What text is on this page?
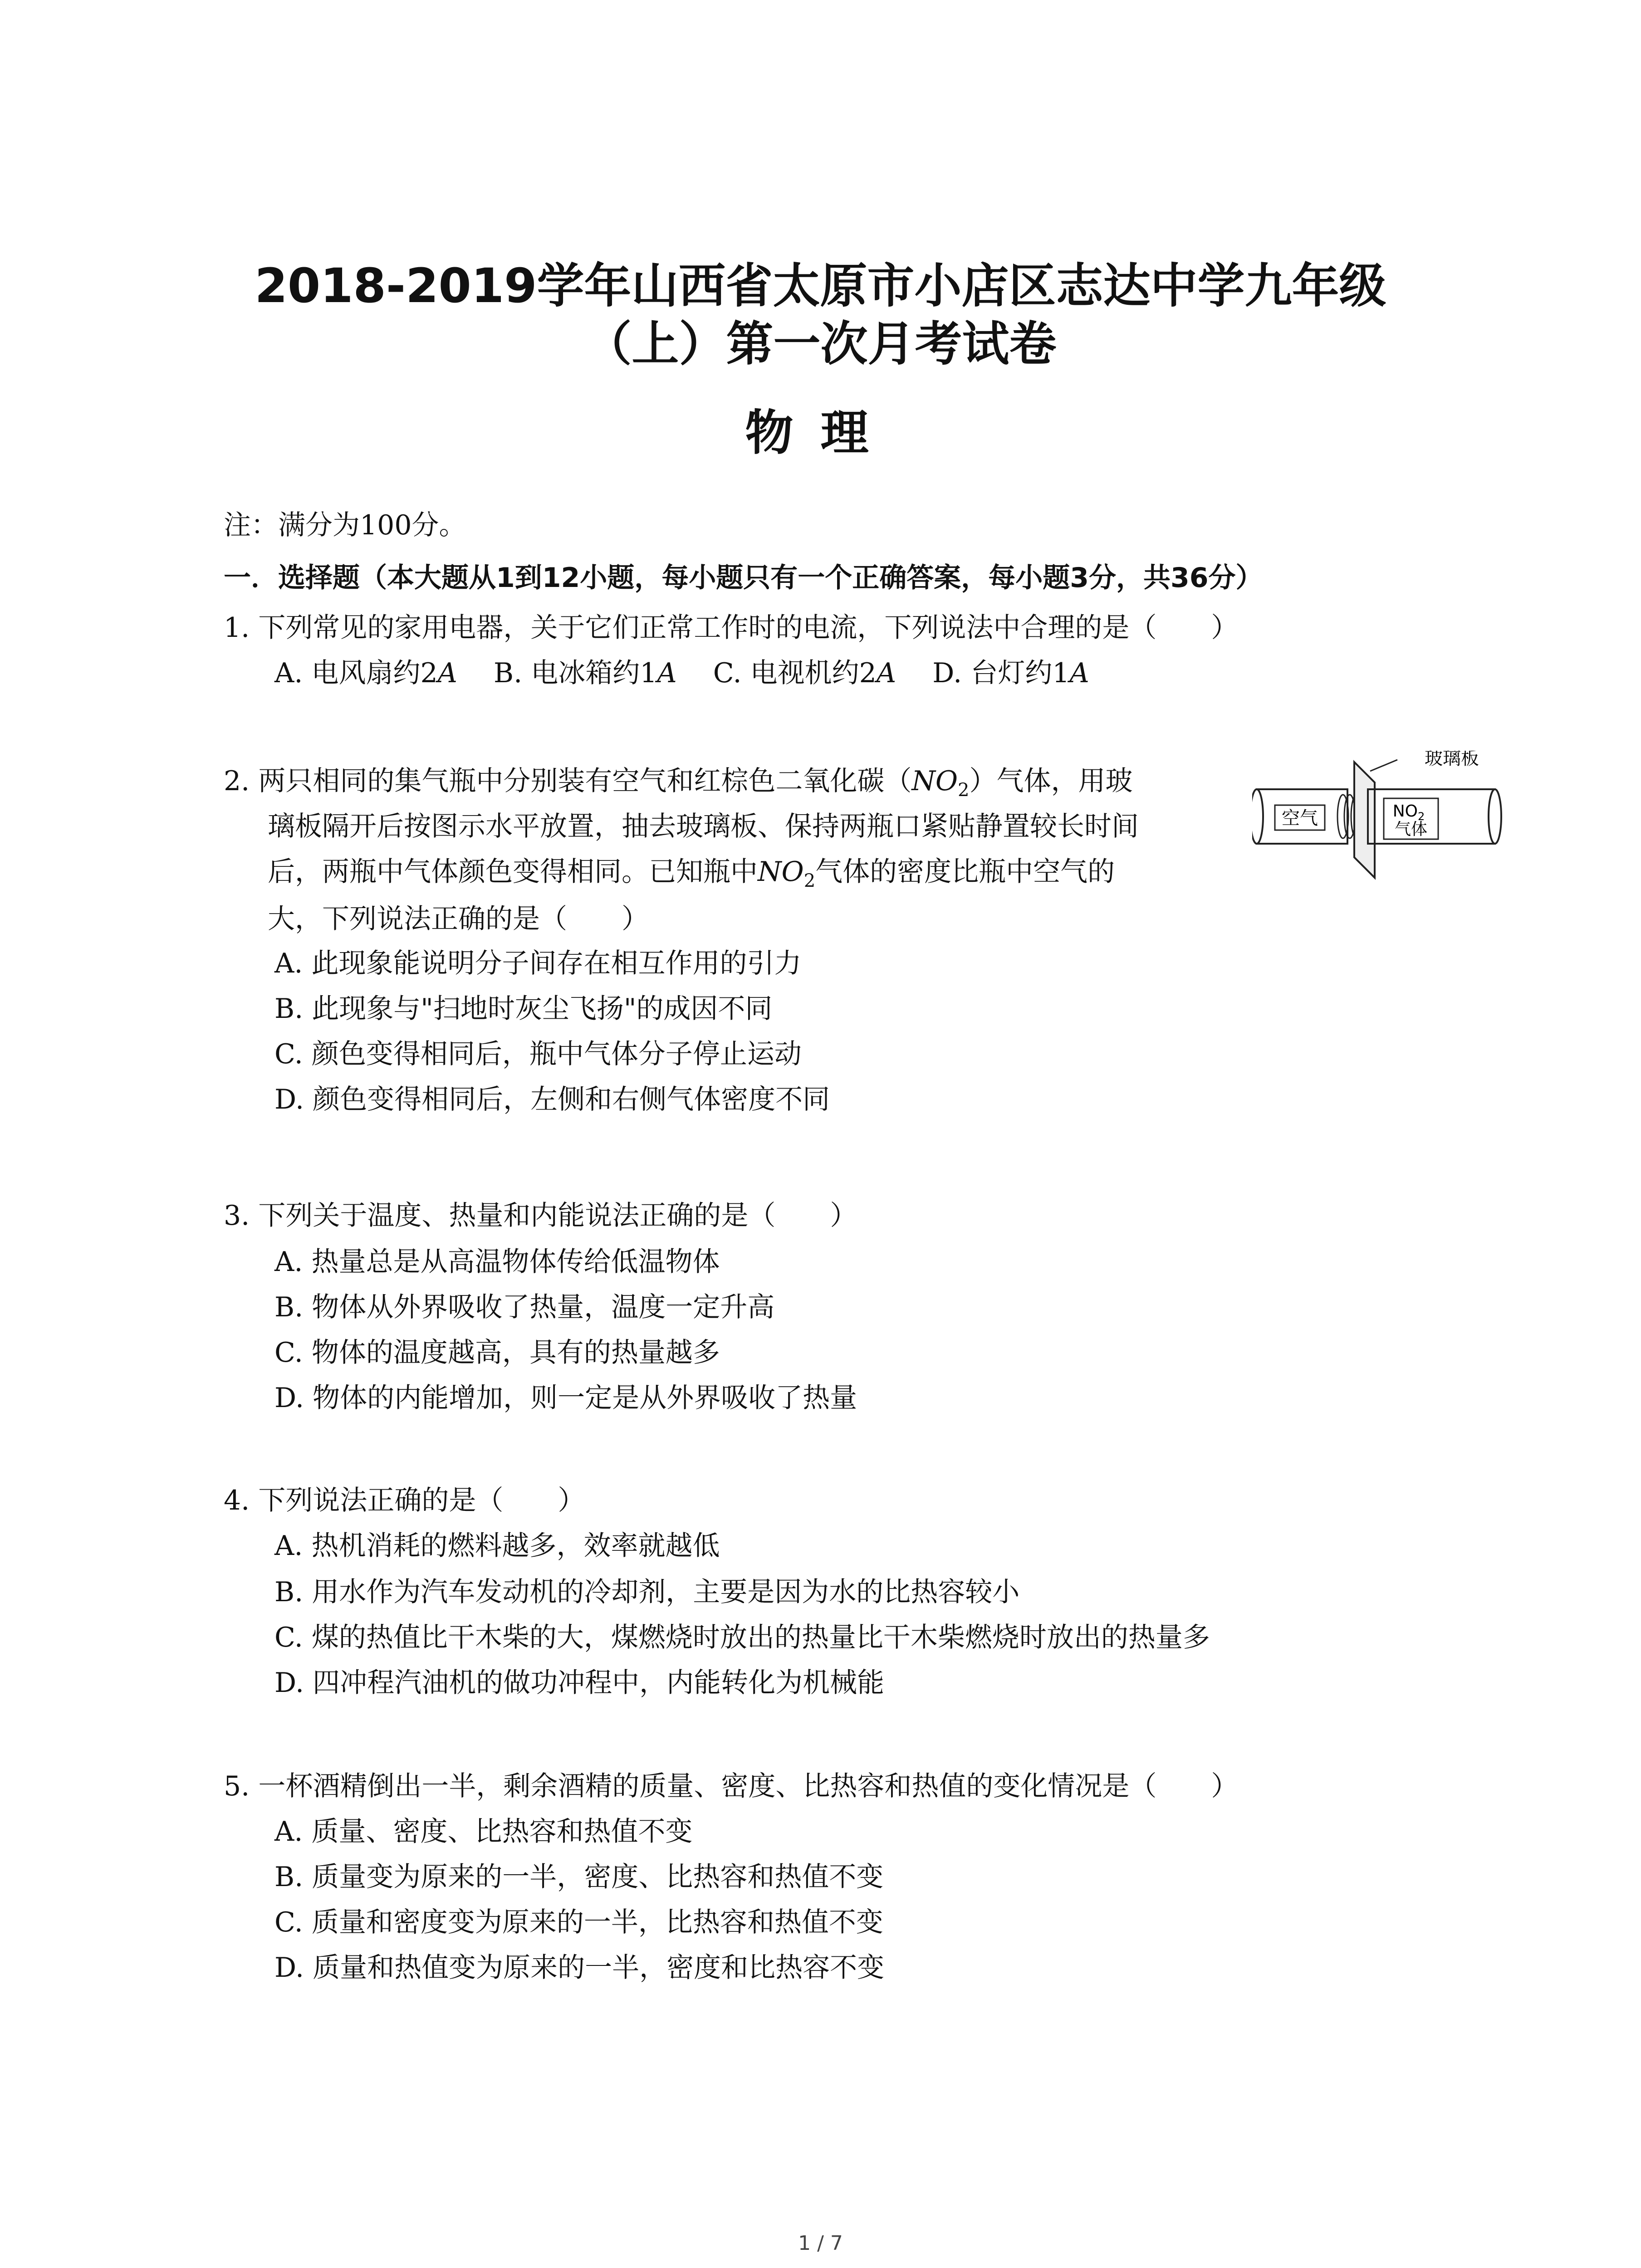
2018-2019学年山西省太原市小店区志达中学九年级
（上）第一次月考试卷
物理
注：满分为100分。
一．选择题（本大题从1到12小题，每小题只有一个正确答案，每小题3分，共36分）
1. 下列常见的家用电器，关于它们正常工作时的电流，下列说法中合理的是（ ）
A. 电风扇约2A B. 电冰箱约1A C. 电视机约2A D. 台灯约1A
2. 两只相同的集气瓶中分别装有空气和红棕色二氧化碳$(NO_2)$气体，用玻
璃板隔开后按图示水平放置，抽去玻璃板、保持两瓶口紧贴静置较长时间
后，两瓶中气体颜色变得相同。已知瓶中$NO_2$气体的密度比瓶中空气的
大，下列说法正确的是（ ）
A. 此现象能说明分子间存在相互作用的引力
B. 此现象与"扫地时灰尘飞扬"的成因不同
C. 颜色变得相同后，瓶中气体分子停止运动
D. 颜色变得相同后，左侧和右侧气体密度不同
空气	$NO_2$
气体
玻璃板
3. 下列关于温度、热量和内能说法正确的是（ ）
A. 热量总是从高温物体传给低温物体
B. 物体从外界吸收了热量，温度一定升高
C. 物体的温度越高，具有的热量越多
D. 物体的内能增加，则一定是从外界吸收了热量
4. 下列说法正确的是（ ）
A. 热机消耗的燃料越多，效率就越低
B. 用水作为汽车发动机的冷却剂，主要是因为水的比热容较小
C. 煤的热值比干木柴的大，煤燃烧时放出的热量比干木柴燃烧时放出的热量多
D. 四冲程汽油机的做功冲程中，内能转化为机械能
5. 一杯酒精倒出一半，剩余酒精的质量、密度、比热容和热值的变化情况是（ ）
A. 质量、密度、比热容和热值不变
B. 质量变为原来的一半，密度、比热容和热值不变
C. 质量和密度变为原来的一半，比热容和热值不变
D. 质量和热值变为原来的一半，密度和比热容不变
1 / 7
